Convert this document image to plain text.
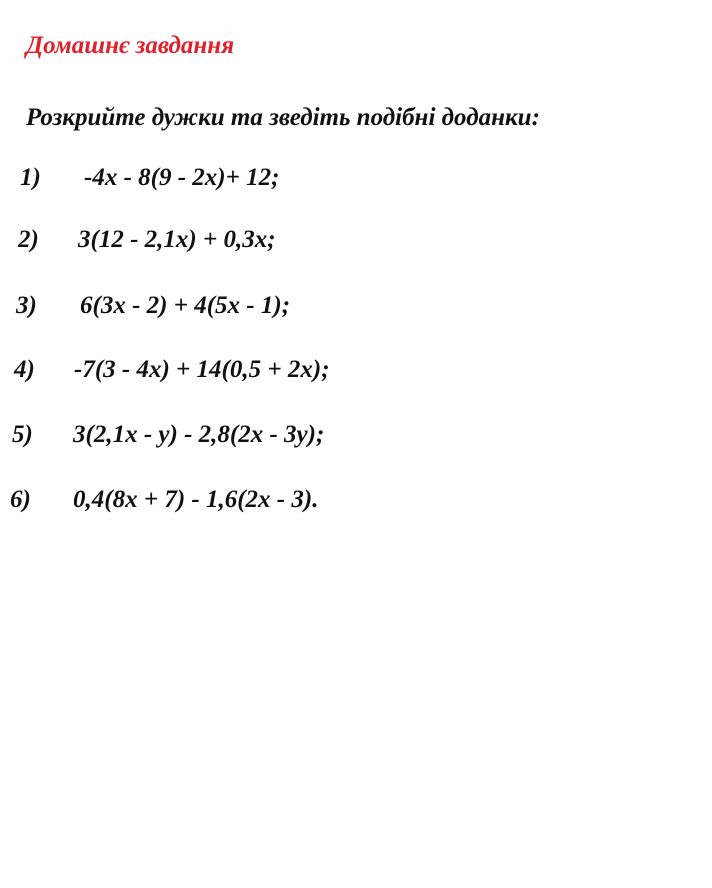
Домашнє завдання
Розкрийте дужки та зведіть подібні доданки:
1) -4x - 8(9 - 2x)+ 12;
2) 3(12 - 2,1x) + 0,3x;
3) 6(3x - 2) + 4(5x - 1);
4) -7(3 - 4x) + 14(0,5 + 2x);
5) 3(2,1x - y) - 2,8(2x - 3y);
6) 0,4(8x + 7) - 1,6(2x - 3).
